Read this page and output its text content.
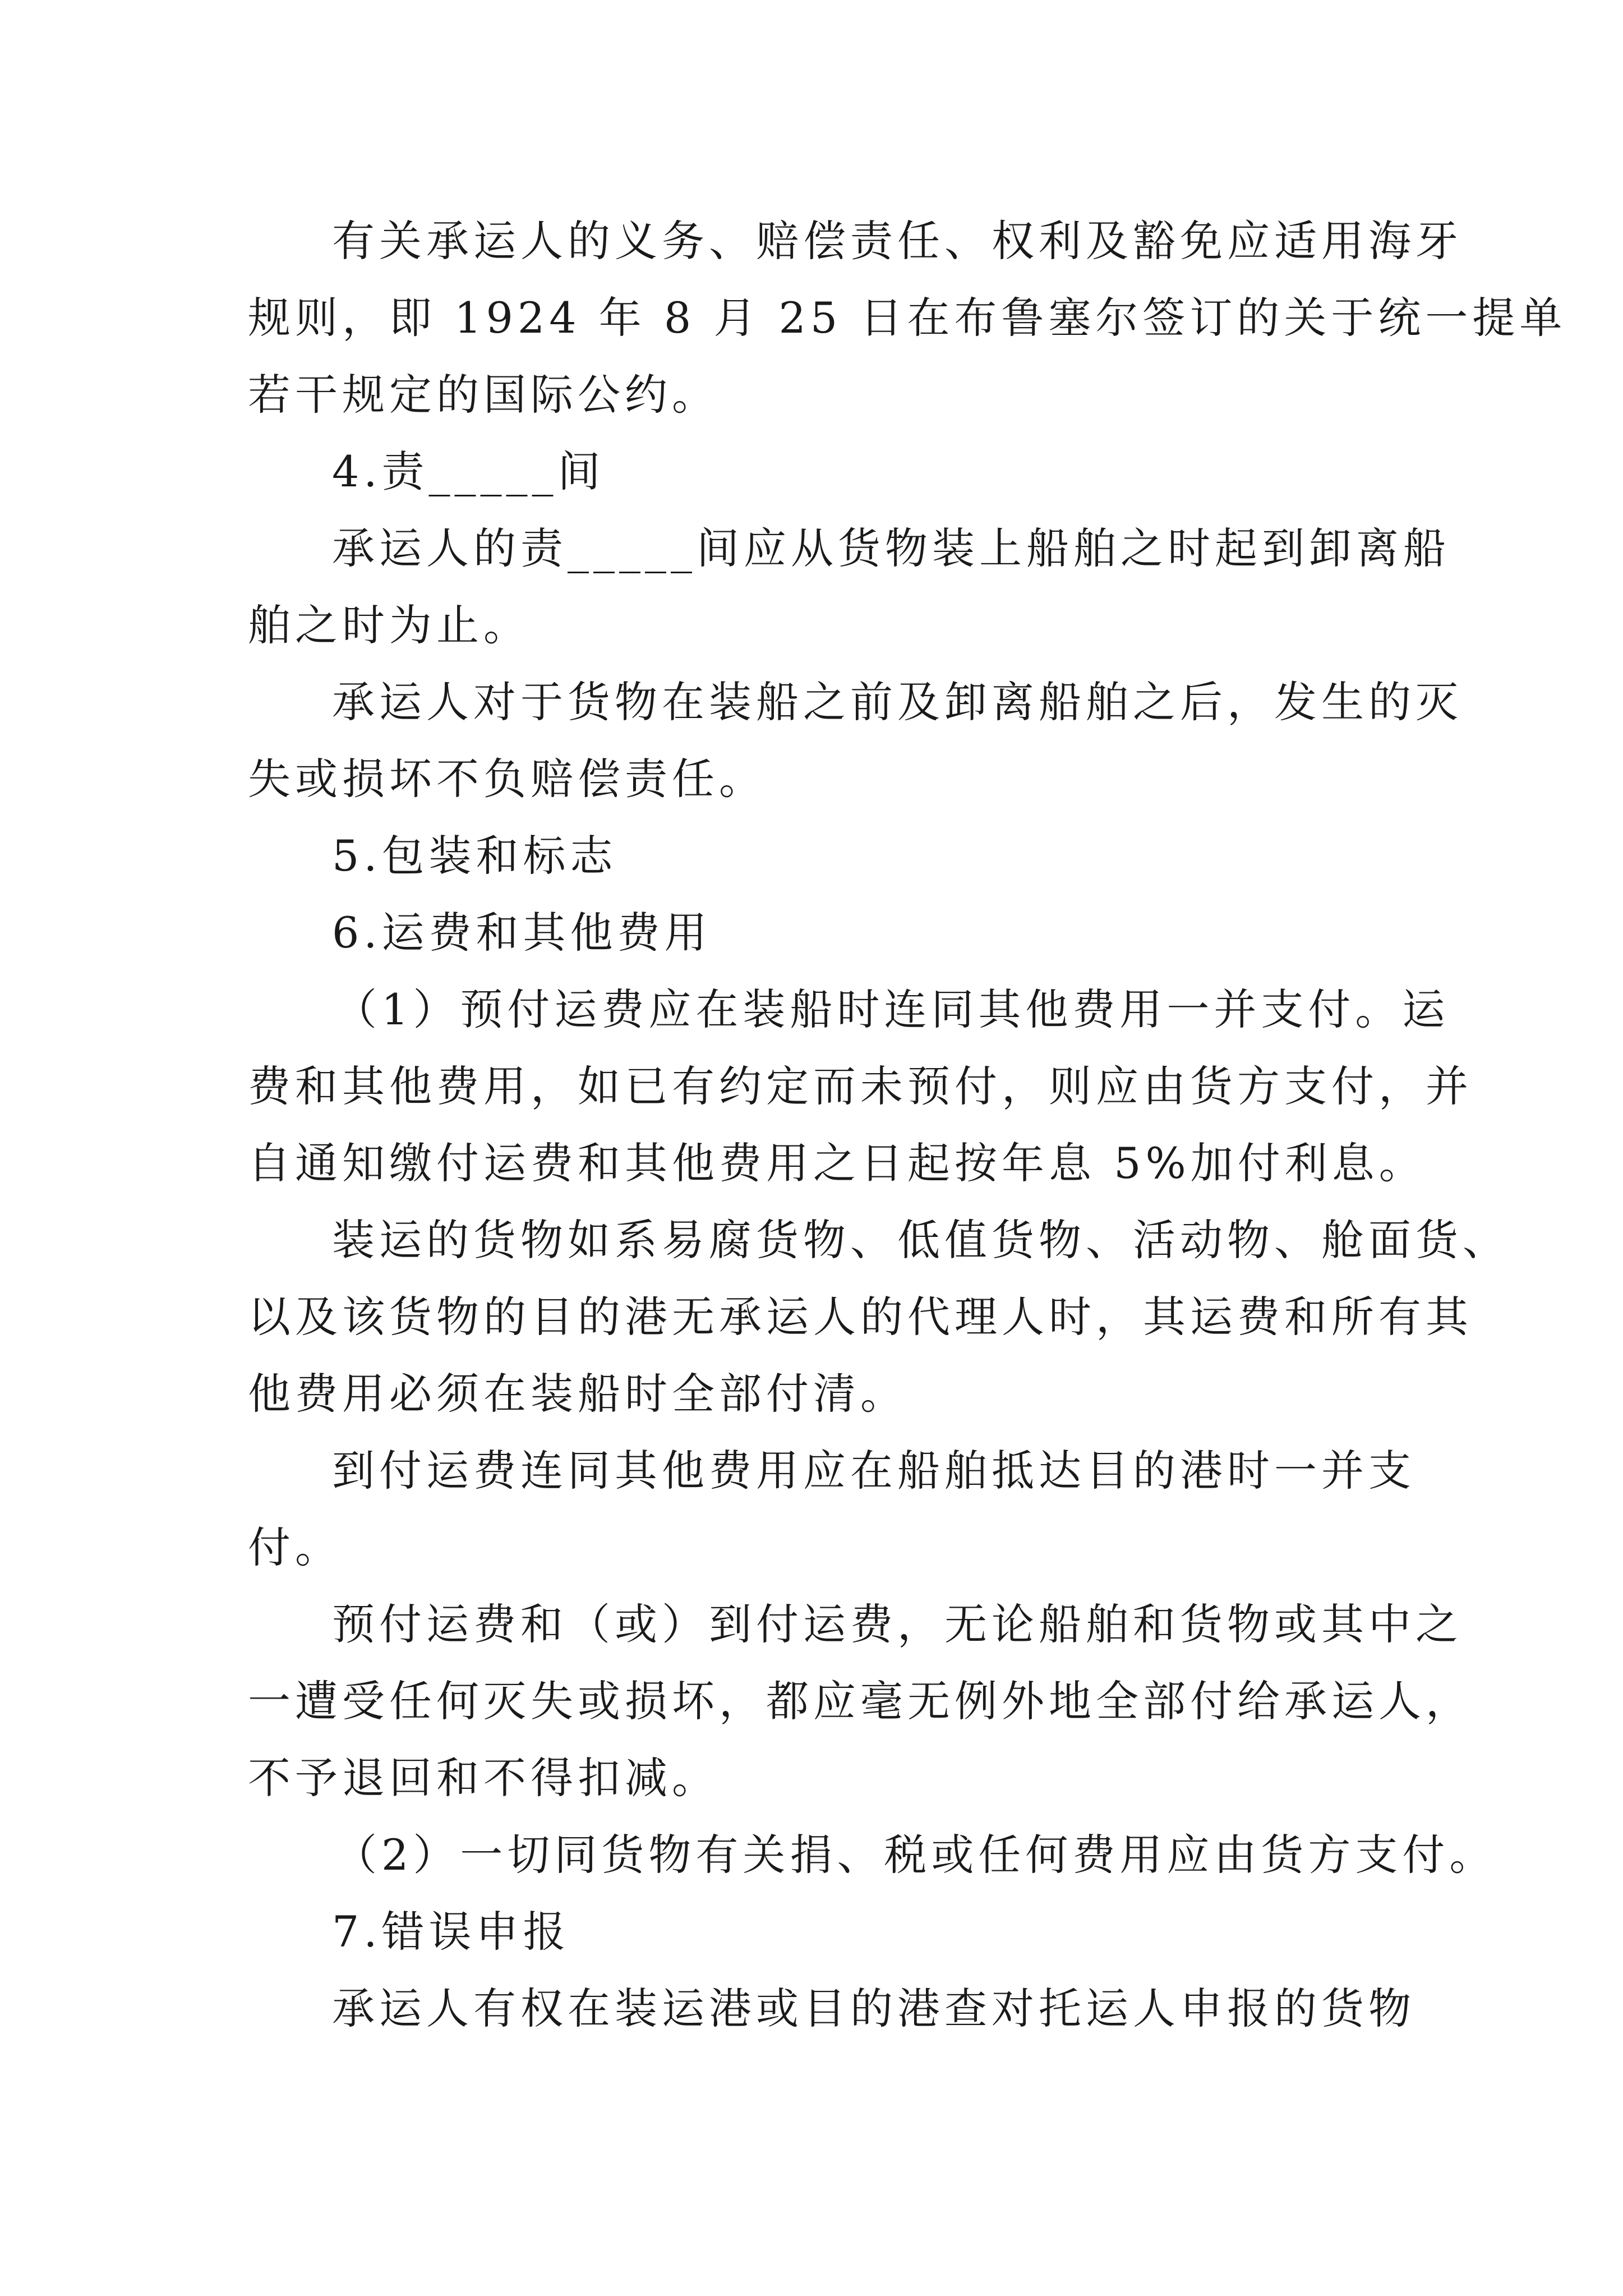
有关承运人的义务、赔偿责任、权利及豁免应适用海牙
规则，即 1924 年 8 月 25 日在布鲁塞尔签订的关于统一提单
若干规定的国际公约。
4.责_____间
承运人的责_____间应从货物装上船舶之时起到卸离船
舶之时为止。
承运人对于货物在装船之前及卸离船舶之后，发生的灭
失或损坏不负赔偿责任。
5.包装和标志
6.运费和其他费用
（1）预付运费应在装船时连同其他费用一并支付。运
费和其他费用，如已有约定而未预付，则应由货方支付，并
自通知缴付运费和其他费用之日起按年息 5%加付利息。
装运的货物如系易腐货物、低值货物、活动物、舱面货、
以及该货物的目的港无承运人的代理人时，其运费和所有其
他费用必须在装船时全部付清。
到付运费连同其他费用应在船舶抵达目的港时一并支
付。
预付运费和（或）到付运费，无论船舶和货物或其中之
一遭受任何灭失或损坏，都应毫无例外地全部付给承运人，
不予退回和不得扣减。
（2）一切同货物有关捐、税或任何费用应由货方支付。
7.错误申报
承运人有权在装运港或目的港查对托运人申报的货物
